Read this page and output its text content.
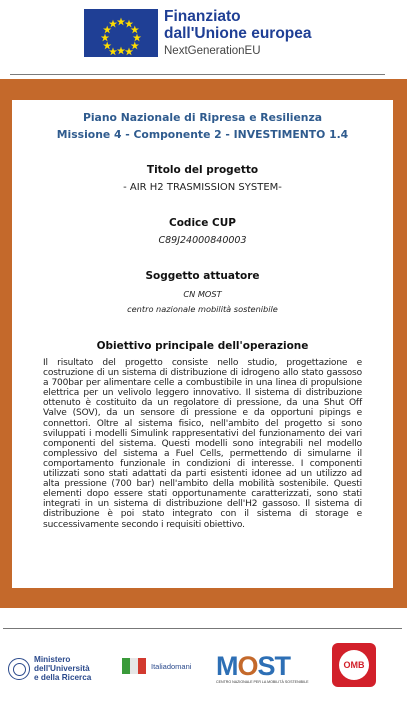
Finanziato
dall'Unione europea
NextGenerationEU
Piano Nazionale di Ripresa e Resilienza
Missione 4 - Componente 2 - INVESTIMENTO 1.4
Titolo del progetto
- AIR H2 TRASMISSION SYSTEM-
Codice CUP
C89J24000840003
Soggetto attuatore
CN MOST
centro nazionale mobilità sostenibile
Obiettivo principale dell'operazione
Il risultato del progetto consiste nello studio, progettazione e costruzione di un sistema di distribuzione di idrogeno allo stato gassoso a 700bar per alimentare celle a combustibile in una linea di propulsione elettrica per un velivolo leggero innovativo. Il sistema di distribuzione ottenuto è costituito da un regolatore di pressione, da una Shut Off Valve (SOV), da un sensore di pressione e da opportuni pipings e connettori. Oltre al sistema fisico, nell'ambito del progetto si sono sviluppati i modelli Simulink rappresentativi del funzionamento dei vari componenti del sistema. Questi modelli sono integrabili nel modello complessivo del sistema a Fuel Cells, permettendo di simularne il comportamento funzionale in condizioni di interesse. I componenti utilizzati sono stati adattati da parti esistenti idonee ad un utilizzo ad alta pressione (700 bar) nell'ambito della mobilità sostenibile. Questi elementi dopo essere stati opportunamente caratterizzati, sono stati integrati in un sistema di distribuzione dell'H2 gassoso. Il sistema di distribuzione è poi stato integrato con il sistema di storage e successivamente secondo i requisiti obiettivo.
Ministero
dell'Università
e della Ricerca
Italiadomani MOST
CENTRO NAZIONALE PER LA MOBILITÀ SOSTENIBILE
OMB
